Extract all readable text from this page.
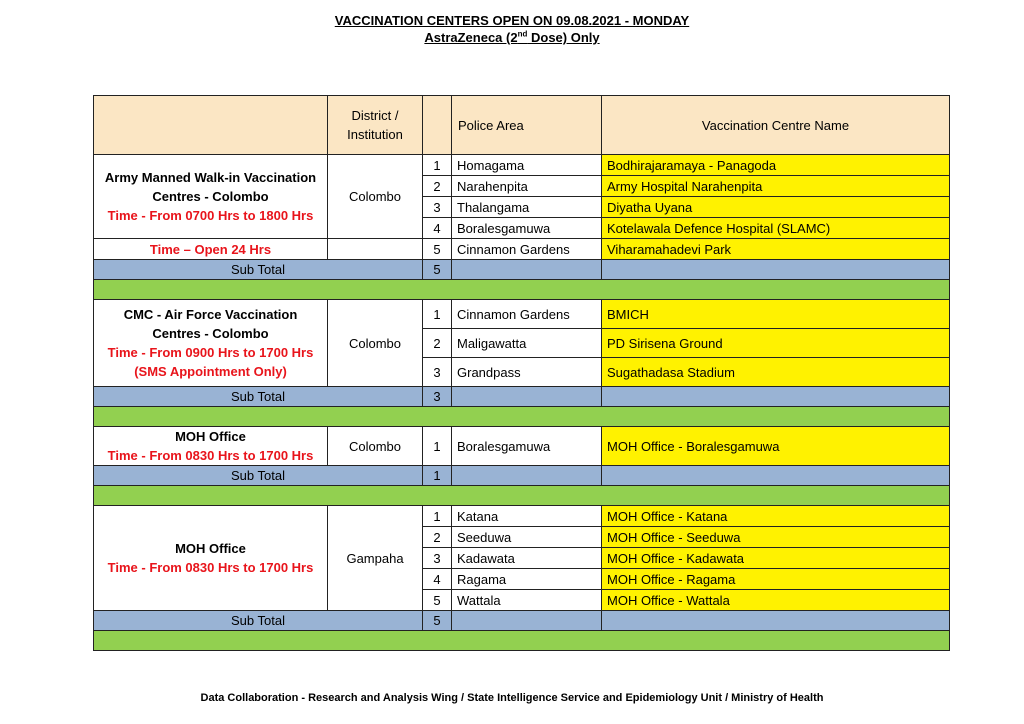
VACCINATION CENTERS OPEN ON 09.08.2021 - MONDAY
AstraZeneca (2nd Dose) Only
	District / Institution		Police Area	Vaccination Centre Name

Army Manned Walk-in Vaccination Centres - Colombo
Time - From 0700 Hrs to 1800 Hrs	Colombo	1	Homagama	Bodhirajaramaya - Panagoda
		2	Narahenpita	Army Hospital Narahenpita
		3	Thalangama	Diyatha Uyana
		4	Boralesgamuwa	Kotelawala Defence Hospital (SLAMC)
Time – Open 24 Hrs		5	Cinnamon Gardens	Viharamahadevi Park
Sub Total		5		

CMC - Air Force Vaccination Centres - Colombo
Time - From 0900 Hrs to 1700 Hrs
(SMS Appointment Only)	Colombo	1	Cinnamon Gardens	BMICH
		2	Maligawatta	PD Sirisena Ground
		3	Grandpass	Sugathadasa Stadium
Sub Total		3		

MOH Office
Time - From 0830 Hrs to 1700 Hrs	Colombo	1	Boralesgamuwa	MOH Office - Boralesgamuwa
Sub Total		1		

MOH Office
Time - From 0830 Hrs to 1700 Hrs	Gampaha	1	Katana	MOH Office - Katana
		2	Seeduwa	MOH Office - Seeduwa
		3	Kadawata	MOH Office - Kadawata
		4	Ragama	MOH Office - Ragama
		5	Wattala	MOH Office - Wattala
Sub Total		5		

Data Collaboration - Research and Analysis Wing / State Intelligence Service and Epidemiology Unit / Ministry of Health
